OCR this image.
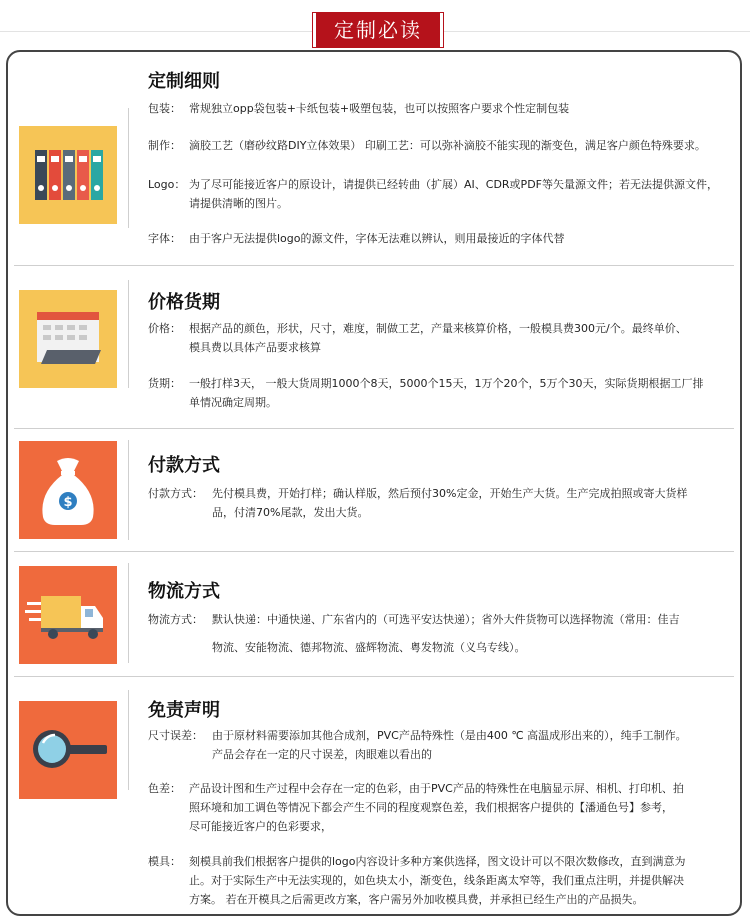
定制必读
$
定制细则
包装： 常规独立opp袋包装+卡纸包装+吸塑包装，也可以按照客户要求个性定制包装
制作： 滴胶工艺（磨砂纹路DIY立体效果） 印刷工艺：可以弥补滴胶不能实现的渐变色，满足客户颜色特殊要求。
Logo： 为了尽可能接近客户的原设计，请提供已经转曲（扩展）AI、CDR或PDF等矢量源文件；若无法提供源文件，
请提供清晰的图片。
字体： 由于客户无法提供logo的源文件，字体无法难以辨认，则用最接近的字体代替
价格货期
价格： 根据产品的颜色，形状，尺寸，难度，制做工艺，产量来核算价格，一般模具费300元/个。最终单价、
模具费以具体产品要求核算
货期： 一般打样3天， 一般大货周期1000个8天，5000个15天，1万个20个，5万个30天，实际货期根据工厂排
单情况确定周期。
付款方式
付款方式： 先付模具费，开始打样；确认样版，然后预付30%定金，开始生产大货。生产完成拍照或寄大货样
品，付清70%尾款，发出大货。
物流方式
物流方式： 默认快递：中通快递、广东省内的（可选平安达快递）；省外大件货物可以选择物流（常用：佳吉
物流、安能物流、德邦物流、盛辉物流、粤发物流（义乌专线）。
免责声明
尺寸误差： 由于原材料需要添加其他合成剂，PVC产品特殊性（是由400 ℃ 高温成形出来的），纯手工制作。
产品会存在一定的尺寸误差，肉眼难以看出的
色差： 产品设计图和生产过程中会存在一定的色彩，由于PVC产品的特殊性在电脑显示屏、相机、打印机、拍
照环境和加工调色等情况下都会产生不同的程度观察色差，我们根据客户提供的【潘通色号】参考，
尽可能接近客户的色彩要求，
模具： 刻模具前我们根据客户提供的logo内容设计多种方案供选择，图文设计可以不限次数修改，直到满意为
止。对于实际生产中无法实现的，如色块太小，渐变色，线条距离太窄等，我们重点注明，并提供解决
方案。 若在开模具之后需更改方案，客户需另外加收模具费，并承担已经生产出的产品损失。
